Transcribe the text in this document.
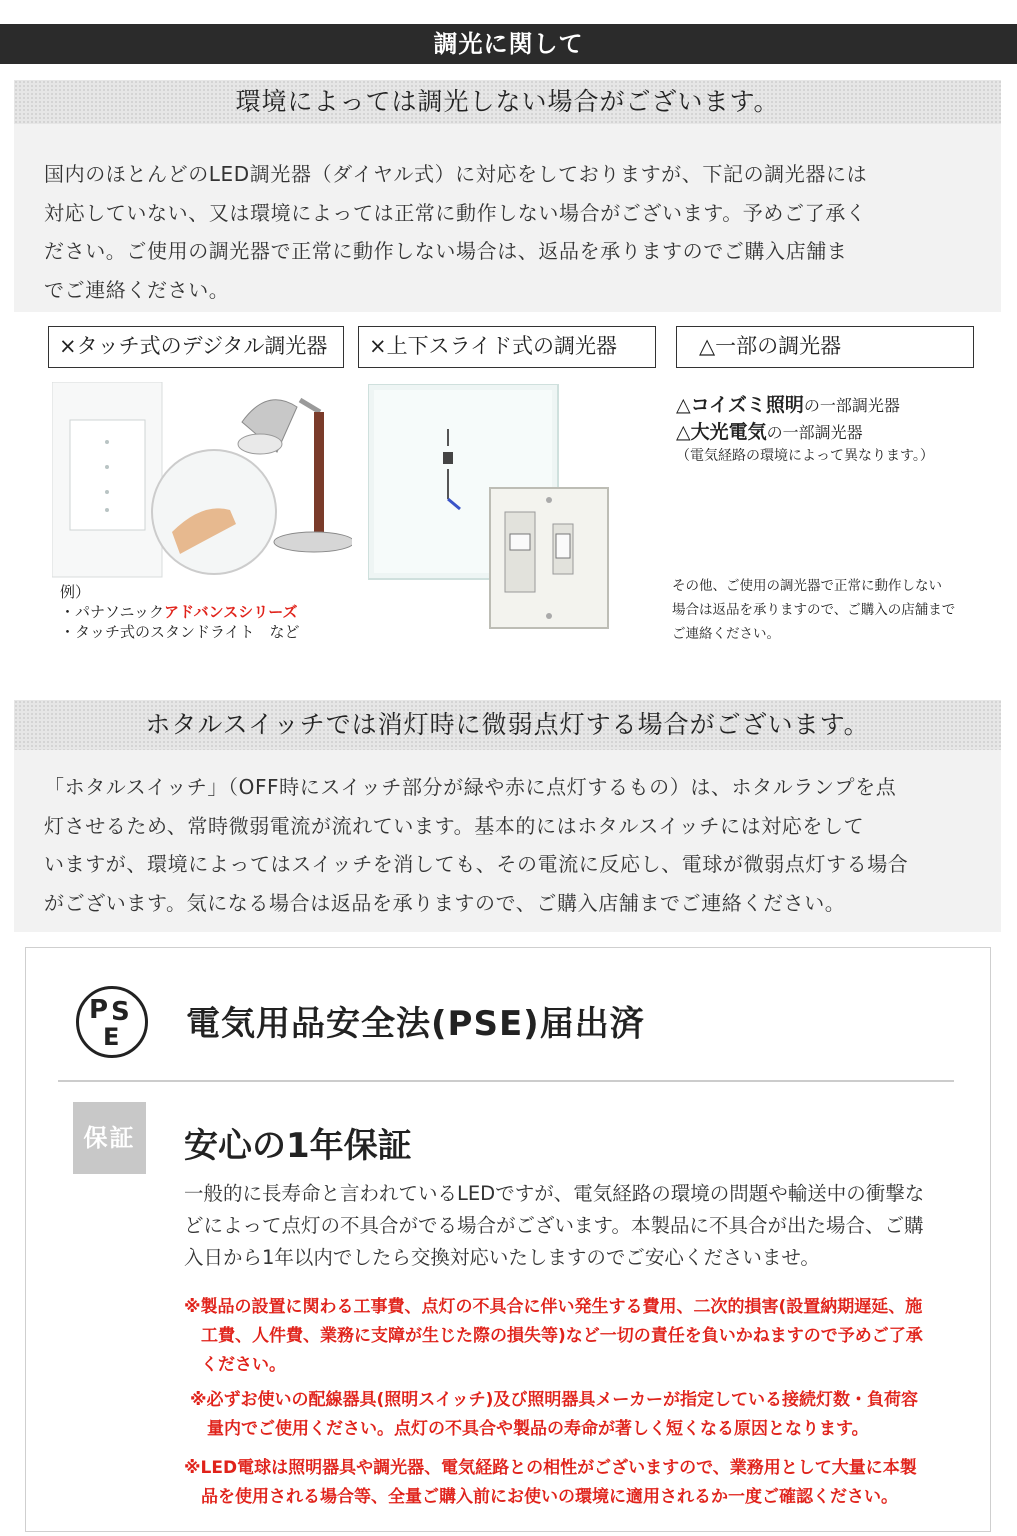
調光に関して
環境によっては調光しない場合がございます。
国内のほとんどのLED調光器（ダイヤル式）に対応をしておりますが、下記の調光器には
対応していない、又は環境によっては正常に動作しない場合がございます。予めご了承く
ださい。ご使用の調光器で正常に動作しない場合は、返品を承りますのでご購入店舗ま
でご連絡ください。
×タッチ式のデジタル調光器	×上下スライド式の調光器	△一部の調光器
例）
・パナソニックアドバンスシリーズ
・タッチ式のスタンドライト　など
△コイズミ照明の一部調光器
△大光電気の一部調光器
（電気経路の環境によって異なります。）
その他、ご使用の調光器で正常に動作しない
場合は返品を承りますので、ご購入の店舗まで
ご連絡ください。
ホタルスイッチでは消灯時に微弱点灯する場合がございます。
「ホタルスイッチ」（OFF時にスイッチ部分が緑や赤に点灯するもの）は、ホタルランプを点
灯させるため、常時微弱電流が流れています。基本的にはホタルスイッチには対応をして
いますが、環境によってはスイッチを消しても、その電流に反応し、電球が微弱点灯する場合
がございます。気になる場合は返品を承りますので、ご購入店舗までご連絡ください。
P S
E 電気用品安全法(PSE)届出済
保証	安心の1年保証
一般的に長寿命と言われているLEDですが、電気経路の環境の問題や輸送中の衝撃な
どによって点灯の不具合がでる場合がございます。本製品に不具合が出た場合、ご購
入日から1年以内でしたら交換対応いたしますのでご安心くださいませ。
※製品の設置に関わる工事費、点灯の不具合に伴い発生する費用、二次的損害(設置納期遅延、施
　工費、人件費、業務に支障が生じた際の損失等)など一切の責任を負いかねますので予めご了承
　ください。
※必ずお使いの配線器具(照明スイッチ)及び照明器具メーカーが指定している接続灯数・負荷容
　量内でご使用ください。点灯の不具合や製品の寿命が著しく短くなる原因となります。
※LED電球は照明器具や調光器、電気経路との相性がございますので、業務用として大量に本製
　品を使用される場合等、全量ご購入前にお使いの環境に適用されるか一度ご確認ください。
